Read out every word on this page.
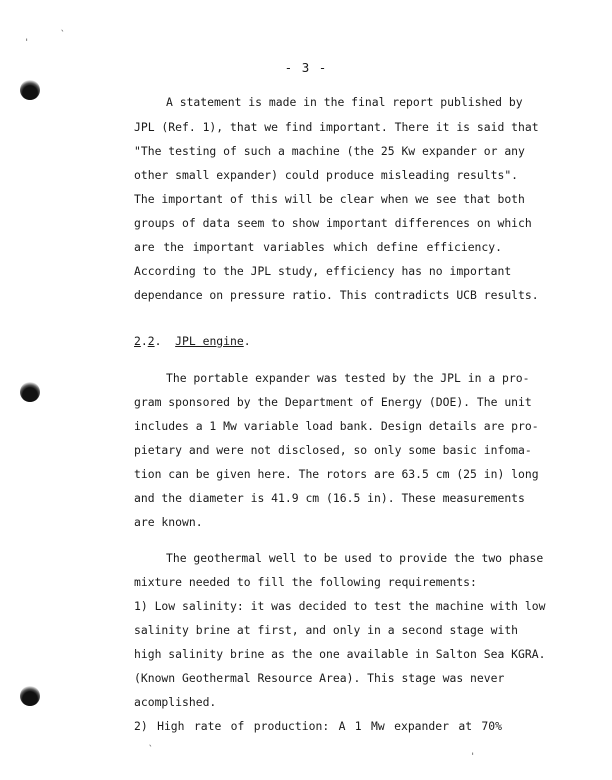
'
`
- 3 -
A statement is made in the final report published by
JPL (Ref. 1), that we find important. There it is said that
"The testing of such a machine (the 25 Kw expander or any
other small expander) could produce misleading results".
The important of this will be clear when we see that both
groups of data seem to show important differences on which
are the important variables which define efficiency.
According to the JPL study, efficiency has no important
dependance on pressure ratio. This contradicts UCB results.
2.2.  JPL engine.
The portable expander was tested by the JPL in a pro-
gram sponsored by the Department of Energy (DOE). The unit
includes a 1 Mw variable load bank. Design details are pro-
pietary and were not disclosed, so only some basic infoma-
tion can be given here. The rotors are 63.5 cm (25 in) long
and the diameter is 41.9 cm (16.5 in). These measurements
are known.
The geothermal well to be used to provide the two phase
mixture needed to fill the following requirements:
1) Low salinity: it was decided to test the machine with low
salinity brine at first, and only in a second stage with
high salinity brine as the one available in Salton Sea KGRA.
(Known Geothermal Resource Area). This stage was never
acomplished.
2) High rate of production: A 1 Mw expander at 70%
`
'
